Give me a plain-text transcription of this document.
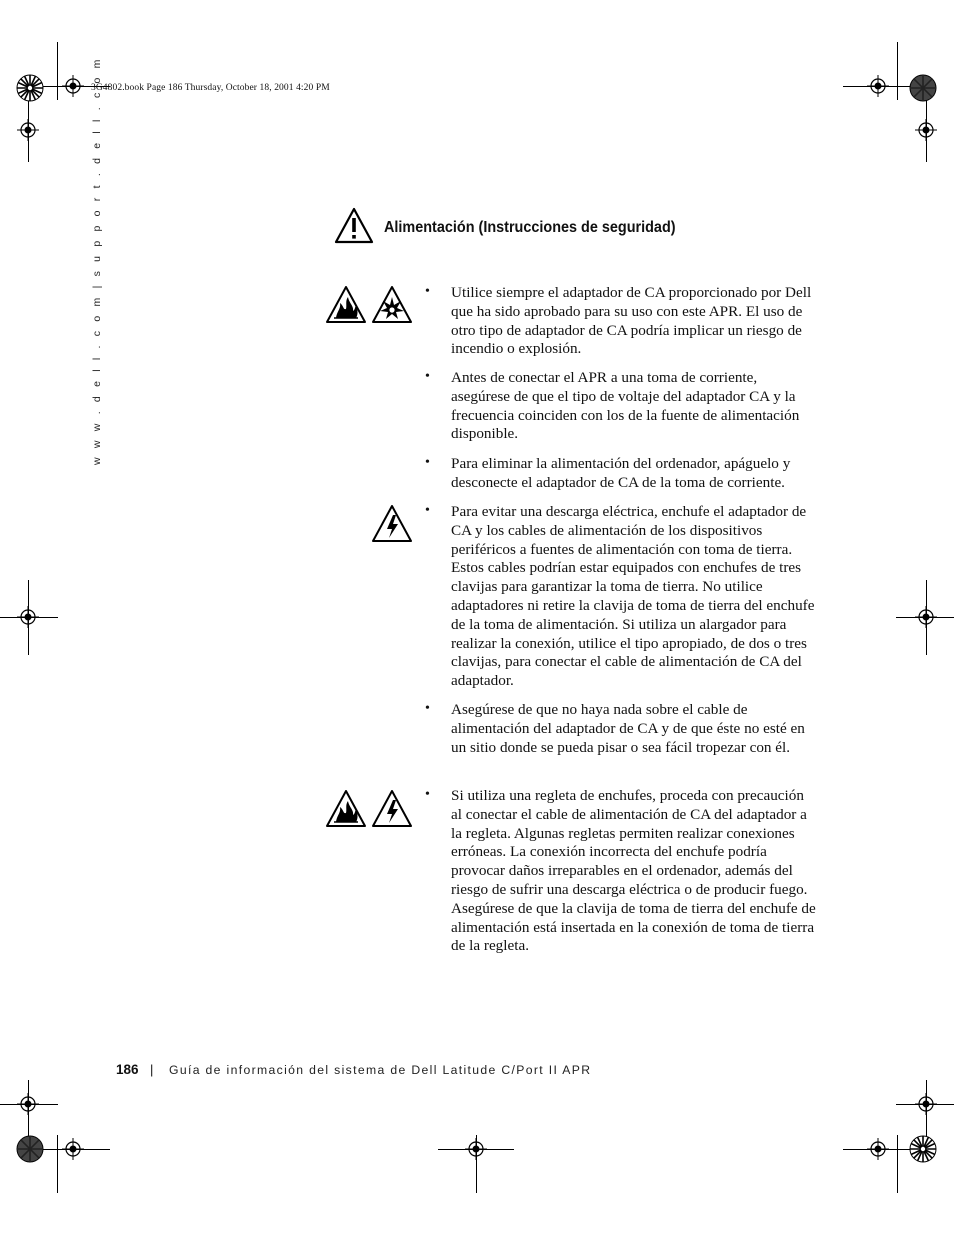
3G4802.book Page 186 Thursday, October 18, 2001 4:20 PM
w w w . d e l l . c o m | s u p p o r t . d e l l . c o m	Alimentación (Instrucciones de seguridad)
• Utilice siempre el adaptador de CA proporcionado por Dell que ha sido aprobado para su uso con este APR. El uso de otro tipo de adaptador de CA podría implicar un riesgo de incendio o explosión.

• Antes de conectar el APR a una toma de corriente, asegúrese de que el tipo de voltaje del adaptador CA y la frecuencia coinciden con los de la fuente de alimentación disponible.

• Para eliminar la alimentación del ordenador, apáguelo y desconecte el adaptador de CA de la toma de corriente.

• Para evitar una descarga eléctrica, enchufe el adaptador de CA y los cables de alimentación de los dispositivos periféricos a fuentes de alimentación con toma de tierra. Estos cables podrían estar equipados con enchufes de tres clavijas para garantizar la toma de tierra. No utilice adaptadores ni retire la clavija de toma de tierra del enchufe de la toma de alimentación. Si utiliza un alargador para realizar la conexión, utilice el tipo apropiado, de dos o tres clavijas, para conectar el cable de alimentación de CA del adaptador.

• Asegúrese de que no haya nada sobre el cable de alimentación del adaptador de CA y de que éste no esté en un sitio donde se pueda pisar o sea fácil tropezar con él.

• Si utiliza una regleta de enchufes, proceda con precaución al conectar el cable de alimentación de CA del adaptador a la regleta. Algunas regletas permiten realizar conexiones erróneas. La conexión incorrecta del enchufe podría provocar daños irreparables en el ordenador, además del riesgo de sufrir una descarga eléctrica o de producir fuego. Asegúrese de que la clavija de toma de tierra del enchufe de alimentación está insertada en la conexión de toma de tierra de la regleta.

186 | Guía de información del sistema de Dell Latitude C/Port II APR
